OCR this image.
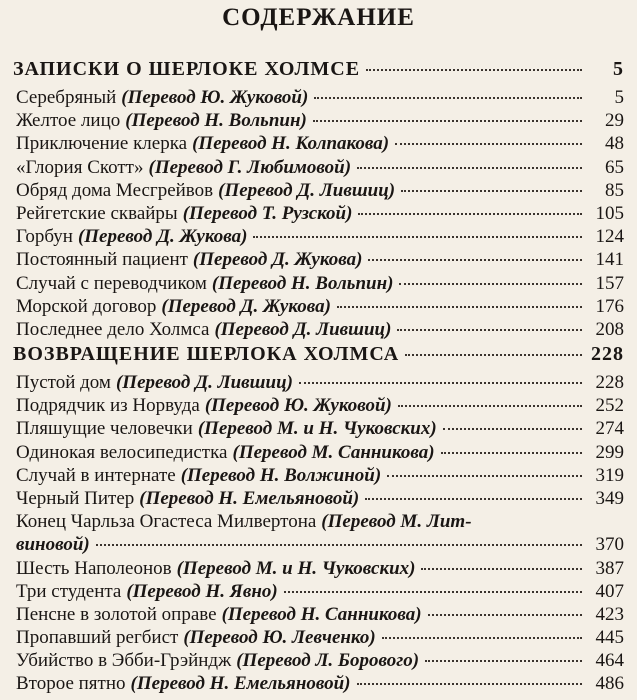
СОДЕРЖАНИЕ
ЗАПИСКИ О ШЕРЛОКЕ ХОЛМСЕ	5
Серебряный (Перевод Ю. Жуковой)	5
Желтое лицо (Перевод Н. Вольпин)	29
Приключение клерка (Перевод Н. Колпакова)	48
«Глория Скотт» (Перевод Г. Любимовой)	65
Обряд дома Месгрейвов (Перевод Д. Лившиц)	85
Рейгетские сквайры (Перевод Т. Рузской)	105
Горбун (Перевод Д. Жукова)	124
Постоянный пациент (Перевод Д. Жукова)	141
Случай с переводчиком (Перевод Н. Вольпин)	157
Морской договор (Перевод Д. Жукова)	176
Последнее дело Холмса (Перевод Д. Лившиц)	208
ВОЗВРАЩЕНИЕ ШЕРЛОКА ХОЛМСА	228
Пустой дом (Перевод Д. Лившиц)	228
Подрядчик из Норвуда (Перевод Ю. Жуковой)	252
Пляшущие человечки (Перевод М. и Н. Чуковских)	274
Одинокая велосипедистка (Перевод М. Санникова)	299
Случай в интернате (Перевод Н. Волжиной)	319
Черный Питер (Перевод Н. Емельяновой)	349
Конец Чарльза Огастеса Милвертона (Перевод М. Лит-
виновой)	370
Шесть Наполеонов (Перевод М. и Н. Чуковских)	387
Три студента (Перевод Н. Явно)	407
Пенсне в золотой оправе (Перевод Н. Санникова)	423
Пропавший регбист (Перевод Ю. Левченко)	445
Убийство в Эбби-Грэйндж (Перевод Л. Борового)	464
Второе пятно (Перевод Н. Емельяновой)	486
